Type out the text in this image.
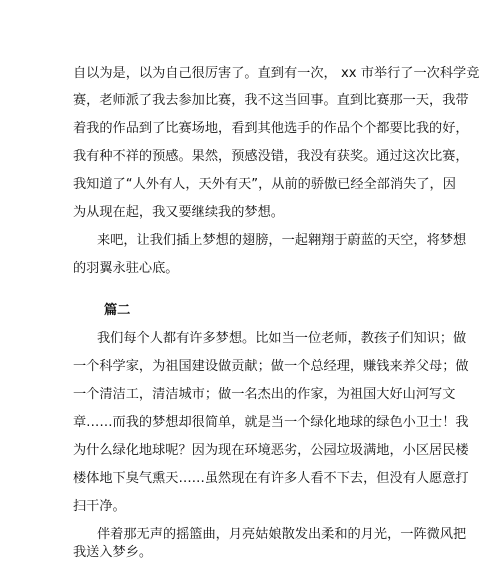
自以为是，以为自己很厉害了。直到有一次， xx 市举行了一次科学竞
赛，老师派了我去参加比赛，我不这当回事。直到比赛那一天，我带
着我的作品到了比赛场地，看到其他选手的作品个个都要比我的好，
我有种不祥的预感。果然，预感没错，我没有获奖。通过这次比赛，
我知道了“人外有人，天外有天”，从前的骄傲已经全部消失了，因
为从现在起，我又要继续我的梦想。
来吧，让我们插上梦想的翅膀，一起翱翔于蔚蓝的天空，将梦想
的羽翼永驻心底。
篇二
我们每个人都有许多梦想。比如当一位老师，教孩子们知识；做
一个科学家，为祖国建设做贡献；做一个总经理，赚钱来养父母；做
一个清洁工，清洁城市；做一名杰出的作家，为祖国大好山河写文
章……而我的梦想却很简单，就是当一个绿化地球的绿色小卫士！我
为什么绿化地球呢？因为现在环境恶劣，公园垃圾满地，小区居民楼
楼体地下臭气熏天……虽然现在有许多人看不下去，但没有人愿意打
扫干净。
伴着那无声的摇篮曲，月亮姑娘散发出柔和的月光，一阵微风把
我送入梦乡。
